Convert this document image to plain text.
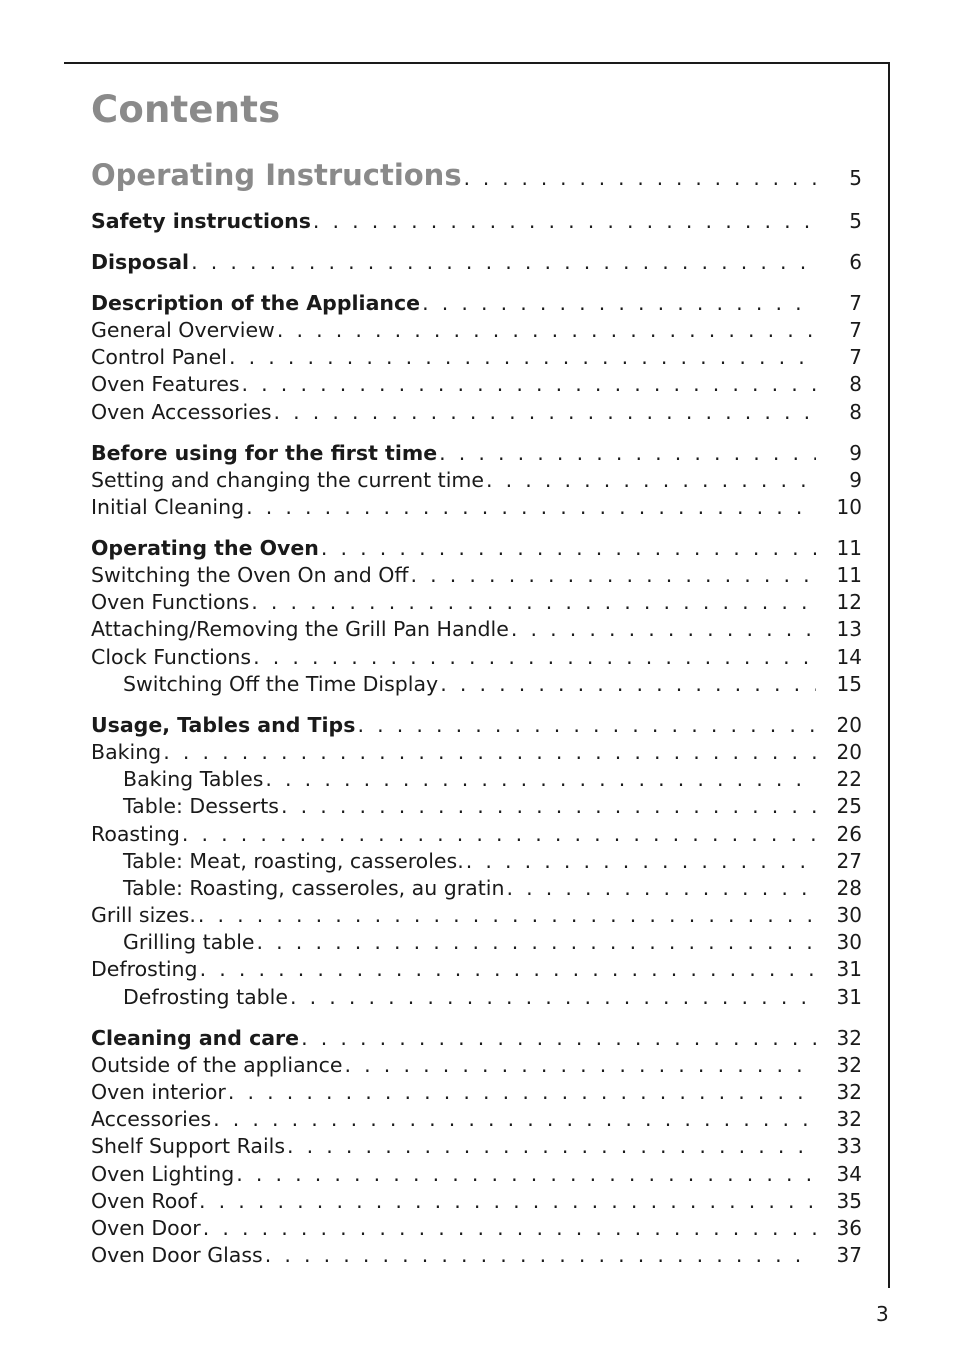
Contents
Operating Instructions . . .	5
Safety instructions . . .	5
Disposal . . .	6
Description of the Appliance . . .	7
General Overview . . .	7
Control Panel . . .	7
Oven Features . . .	8
Oven Accessories . . .	8
Before using for the first time . . .	9
Setting and changing the current time . . .	9
Initial Cleaning . . .	10
Operating the Oven . . .	11
Switching the Oven On and Off . . .	11
Oven Functions . . .	12
Attaching/Removing the Grill Pan Handle . . .	13
Clock Functions . . .	14
Switching Off the Time Display . . .	15
Usage, Tables and Tips . . .	20
Baking . . .	20
Baking Tables . . .	22
Table: Desserts . . .	25
Roasting . . .	26
Table: Meat, roasting, casseroles. . . .	27
Table: Roasting, casseroles, au gratin . . .	28
Grill sizes. . . .	30
Grilling table . . .	30
Defrosting . . .	31
Defrosting table . . .	31
Cleaning and care . . .	32
Outside of the appliance . . .	32
Oven interior . . .	32
Accessories . . .	32
Shelf Support Rails . . .	33
Oven Lighting . . .	34
Oven Roof . . .	35
Oven Door . . .	36
Oven Door Glass . . .	37
3
